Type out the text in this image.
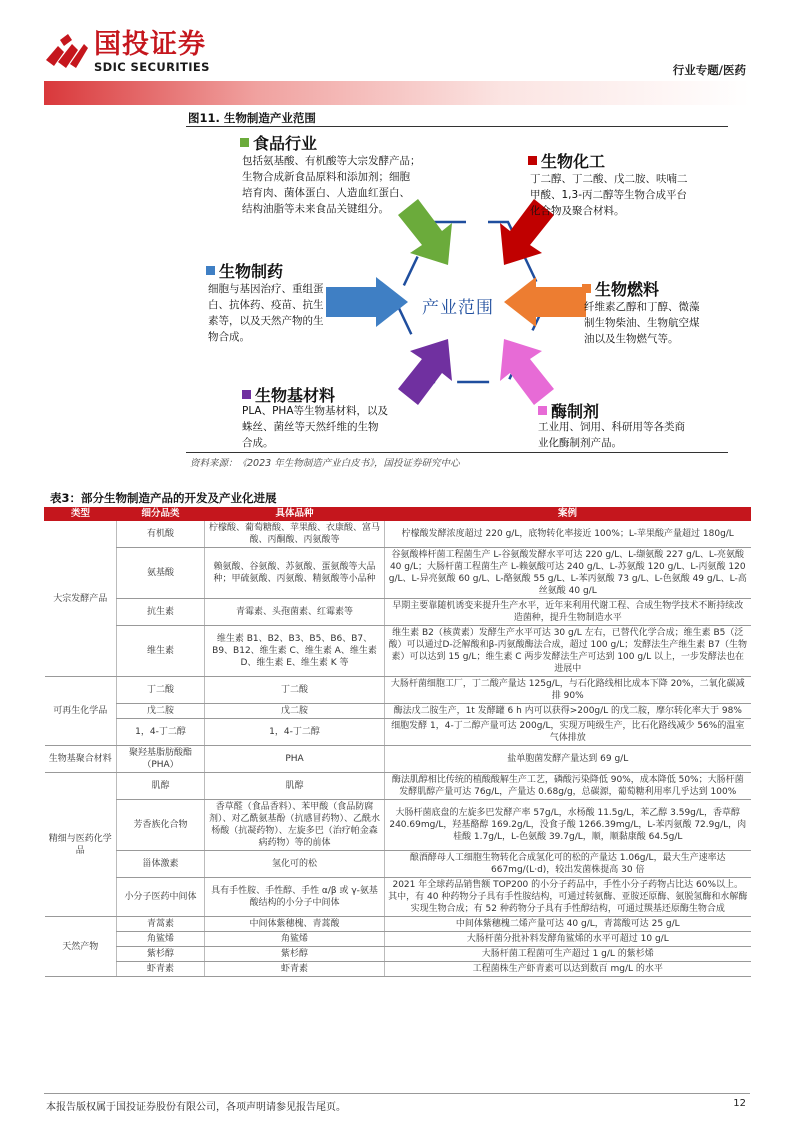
国投证券
SDIC SECURITIES	行业专题/医药
图11. 生物制造产业范围
产业范围
食品行业
包括氨基酸、有机酸等大宗发酵产品；
生物合成新食品原料和添加剂；细胞
培育肉、菌体蛋白、人造血红蛋白、
结构油脂等未来食品关键组分。
生物化工
丁二醇、丁二酸、戊二胺、呋喃二
甲酸、1,3-丙二醇等生物合成平台
化合物及聚合材料。
生物制药
细胞与基因治疗、重组蛋
白、抗体药、疫苗、抗生
素等，以及天然产物的生
物合成。
生物燃料
纤维素乙醇和丁醇、微藻
制生物柴油、生物航空煤
油以及生物燃气等。
生物基材料
PLA、PHA等生物基材料，以及
蛛丝、菌丝等天然纤维的生物
合成。
酶制剂
工业用、饲用、科研用等各类商
业化酶制剂产品。
资料来源：《2023 年生物制造产业白皮书》，国投证券研究中心
表3：部分生物制造产品的开发及产业化进展
类型	细分品类	具体品种	案例
大宗发酵产品	有机酸	柠檬酸、葡萄糖酸、苹果酸、衣康酸、富马酸、丙酮酸、丙氨酸等	柠檬酸发酵浓度超过 220 g/L，底物转化率接近 100%；L-苹果酸产量超过 180g/L
	氨基酸	赖氨酸、谷氨酸、苏氨酸、蛋氨酸等大品种；甲硫氨酸、丙氨酸、精氨酸等小品种	谷氨酸棒杆菌工程菌生产 L-谷氨酸发酵水平可达 220 g/L、L-缬氨酸 227 g/L、L-亮氨酸 40 g/L；大肠杆菌工程菌生产 L-赖氨酸可达 240 g/L、L-苏氨酸 120 g/L、L-丙氨酸 120 g/L、L-异亮氨酸 60 g/L、L-酪氨酸 55 g/L、L-苯丙氨酸 73 g/L、L-色氨酸 49 g/L、L-高丝氨酸 40 g/L
	抗生素	青霉素、头孢菌素、红霉素等	早期主要靠随机诱变来提升生产水平，近年来利用代谢工程、合成生物学技术不断持续改造菌种，提升生物制造水平
	维生素	维生素 B1、B2、B3、B5、B6、B7、B9、B12、维生素 C、维生素 A、维生素 D、维生素 E、维生素 K 等	维生素 B2（核黄素）发酵生产水平可达 30 g/L 左右，已替代化学合成；维生素 B5（泛酸）可以通过D-泛解酸和β-丙氨酸酶法合成，超过 100 g/L；发酵法生产维生素 B7（生物素）可以达到 15 g/L；维生素 C 两步发酵法生产可达到 100 g/L 以上，一步发酵法也在进展中
可再生化学品	丁二酸	丁二酸	大肠杆菌细胞工厂，丁二酸产量达 125g/L，与石化路线相比成本下降 20%，二氧化碳减排 90%
	戊二胺	戊二胺	酶法戊二胺生产，1t 发酵罐 6 h 内可以获得>200g/L 的戊二胺，摩尔转化率大于 98%
	1，4-丁二醇	1，4-丁二醇	细胞发酵 1，4-丁二醇产量可达 200g/L，实现万吨级生产，比石化路线减少 56%的温室气体排放
生物基聚合材料	聚羟基脂肪酸酯（PHA）	PHA	盐单胞菌发酵产量达到 69 g/L
精细与医药化学品	肌醇	肌醇	酶法肌醇相比传统的植酸酸解生产工艺，磷酸污染降低 90%，成本降低 50%；大肠杆菌发酵肌醇产量可达 76g/L，产量达 0.68g/g，总碳源，葡萄糖利用率几乎达到 100%
	芳香族化合物	香草醛（食品香料）、苯甲酸（食品防腐剂）、对乙酰氨基酚（抗感冒药物）、乙酰水杨酸（抗凝药物）、左旋多巴（治疗帕金森病药物）等的前体	大肠杆菌底盘的左旋多巴发酵产率 57g/L，水杨酸 11.5g/L，苯乙醇 3.59g/L，香草醇 240.69mg/L，羟基酪醇 169.2g/L，没食子酸 1266.39mg/L，L-苯丙氨酸 72.9g/L，肉桂酸 1.7g/L，L-色氨酸 39.7g/L，顺，顺黏康酸 64.5g/L
	甾体激素	氢化可的松	酿酒酵母人工细胞生物转化合成氢化可的松的产量达 1.06g/L，最大生产速率达 667mg/(L·d)，较出发菌株提高 30 倍
	小分子医药中间体	具有手性胺、手性醇、手性 α/β 或 γ-氨基酸结构的小分子中间体	2021 年全球药品销售额 TOP200 的小分子药品中，手性小分子药物占比达 60%以上。其中，有 40 种药物分子具有手性胺结构，可通过转氨酶、亚胺还原酶、氨脱氢酶和水解酶实现生物合成；有 52 种药物分子具有手性醇结构，可通过羰基还原酶生物合成
天然产物	青蒿素	中间体紫穗槐、青蒿酸	中间体紫穗槐二烯产量可达 40 g/L，青蒿酸可达 25 g/L
	角鲨烯	角鲨烯	大肠杆菌分批补料发酵角鲨烯的水平可超过 10 g/L
	紫杉醇	紫杉醇	大肠杆菌工程菌可生产超过 1 g/L 的紫杉烯
	虾青素	虾青素	工程菌株生产虾青素可以达到数百 mg/L 的水平
本报告版权属于国投证券股份有限公司，各项声明请参见报告尾页。	12
